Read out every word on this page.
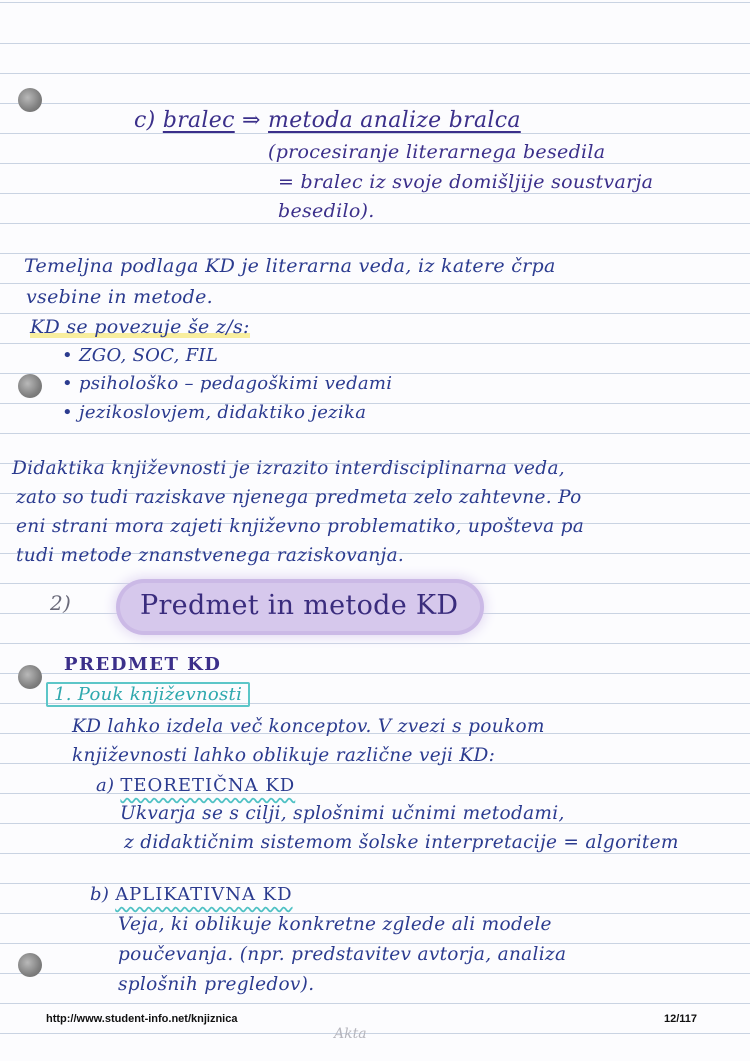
c) bralec ⇒ metoda analize bralca
(procesiranje literarnega besedila
= bralec iz svoje domišljije soustvarja
besedilo).
Temeljna podlaga KD je literarna veda, iz katere črpa
vsebine in metode.
KD se povezuje še z/s:
• ZGO, SOC, FIL
• psihološko – pedagoškimi vedami
• jezikoslovjem, didaktiko jezika
Didaktika književnosti je izrazito interdisciplinarna veda,
zato so tudi raziskave njenega predmeta zelo zahtevne. Po
eni strani mora zajeti književno problematiko, upošteva pa
tudi metode znanstvenega raziskovanja.
2)	Predmet in metode KD
PREDMET KD
1. Pouk književnosti
KD lahko izdela več konceptov. V zvezi s poukom
književnosti lahko oblikuje različne veji KD:
a) TEORETIČNA KD
Ukvarja se s cilji, splošnimi učnimi metodami,
z didaktičnim sistemom šolske interpretacije = algoritem
b) APLIKATIVNA KD
Veja, ki oblikuje konkretne zglede ali modele
poučevanja. (npr. predstavitev avtorja, analiza
splošnih pregledov).
http://www.student-info.net/knjiznica	12/117
Akta
